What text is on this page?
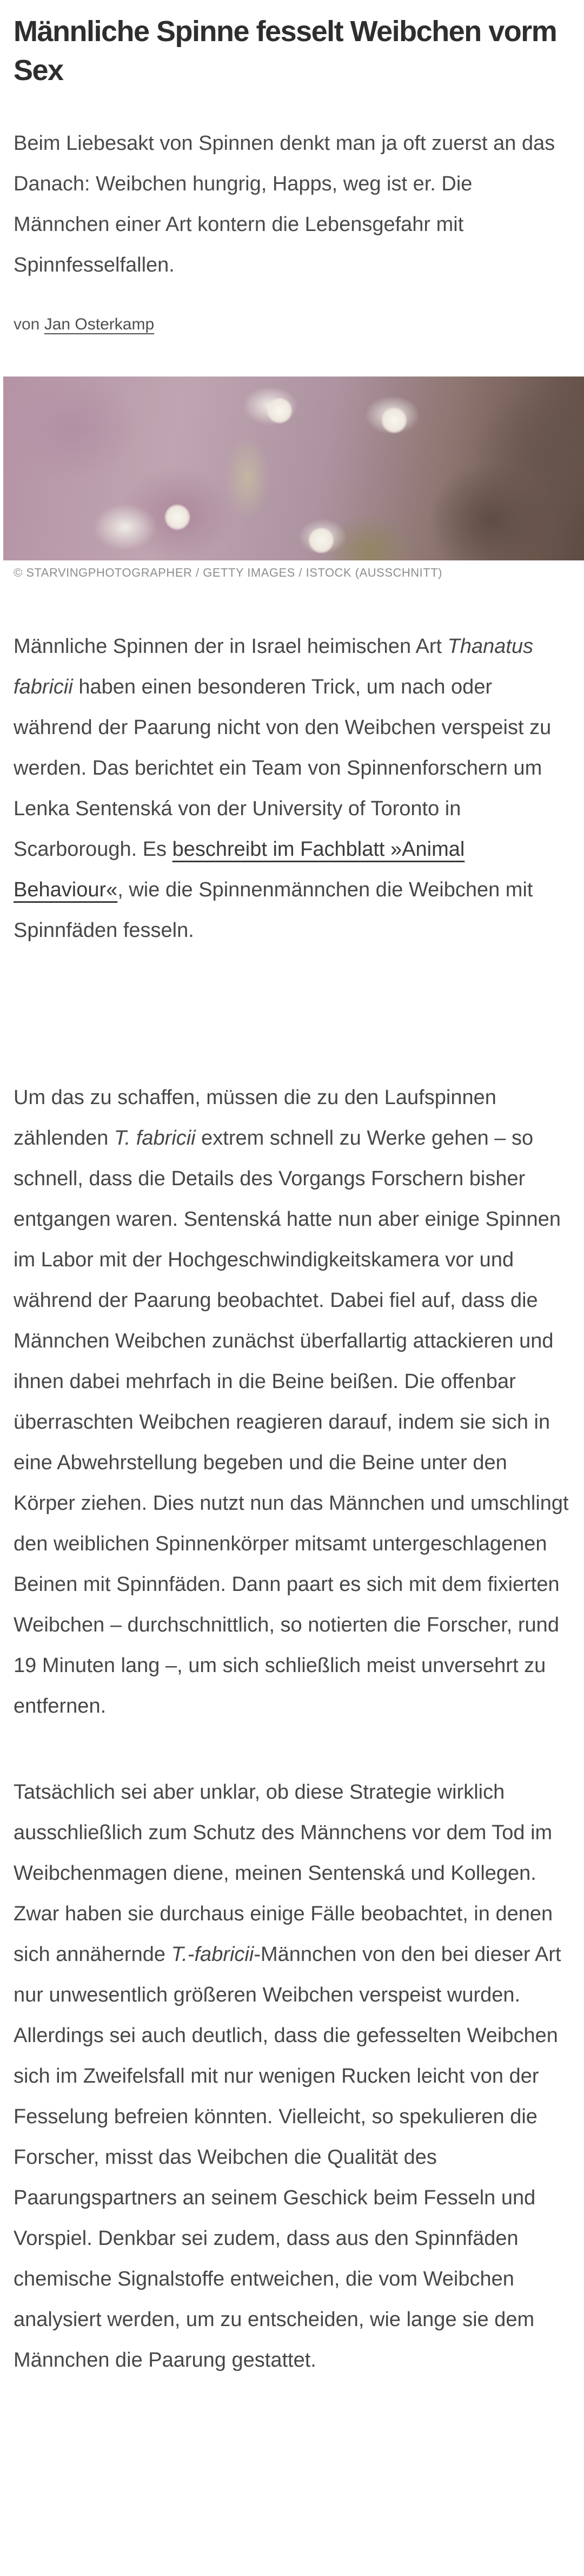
Männliche Spinne fesselt Weibchen vorm Sex

Beim Liebesakt von Spinnen denkt man ja oft zuerst an das Danach: Weibchen hungrig, Happs, weg ist er. Die Männchen einer Art kontern die Lebensgefahr mit Spinnfesselfallen.

von Jan Osterkamp

© STARVINGPHOTOGRAPHER / GETTY IMAGES / ISTOCK (AUSSCHNITT)

Männliche Spinnen der in Israel heimischen Art Thanatus fabricii haben einen besonderen Trick, um nach oder während der Paarung nicht von den Weibchen verspeist zu werden. Das berichtet ein Team von Spinnenforschern um Lenka Sentenská von der University of Toronto in Scarborough. Es beschreibt im Fachblatt »Animal Behaviour«, wie die Spinnenmännchen die Weibchen mit Spinnfäden fesseln.

Um das zu schaffen, müssen die zu den Laufspinnen zählenden T. fabricii extrem schnell zu Werke gehen – so schnell, dass die Details des Vorgangs Forschern bisher entgangen waren. Sentenská hatte nun aber einige Spinnen im Labor mit der Hochgeschwindigkeitskamera vor und während der Paarung beobachtet. Dabei fiel auf, dass die Männchen Weibchen zunächst überfallartig attackieren und ihnen dabei mehrfach in die Beine beißen. Die offenbar überraschten Weibchen reagieren darauf, indem sie sich in eine Abwehrstellung begeben und die Beine unter den Körper ziehen. Dies nutzt nun das Männchen und umschlingt den weiblichen Spinnenkörper mitsamt untergeschlagenen Beinen mit Spinnfäden. Dann paart es sich mit dem fixierten Weibchen – durchschnittlich, so notierten die Forscher, rund 19 Minuten lang –, um sich schließlich meist unversehrt zu entfernen.

Tatsächlich sei aber unklar, ob diese Strategie wirklich ausschließlich zum Schutz des Männchens vor dem Tod im Weibchenmagen diene, meinen Sentenská und Kollegen. Zwar haben sie durchaus einige Fälle beobachtet, in denen sich annähernde T.-fabricii-Männchen von den bei dieser Art nur unwesentlich größeren Weibchen verspeist wurden. Allerdings sei auch deutlich, dass die gefesselten Weibchen sich im Zweifelsfall mit nur wenigen Rucken leicht von der Fesselung befreien könnten. Vielleicht, so spekulieren die Forscher, misst das Weibchen die Qualität des Paarungspartners an seinem Geschick beim Fesseln und Vorspiel. Denkbar sei zudem, dass aus den Spinnfäden chemische Signalstoffe entweichen, die vom Weibchen analysiert werden, um zu entscheiden, wie lange sie dem Männchen die Paarung gestattet.
